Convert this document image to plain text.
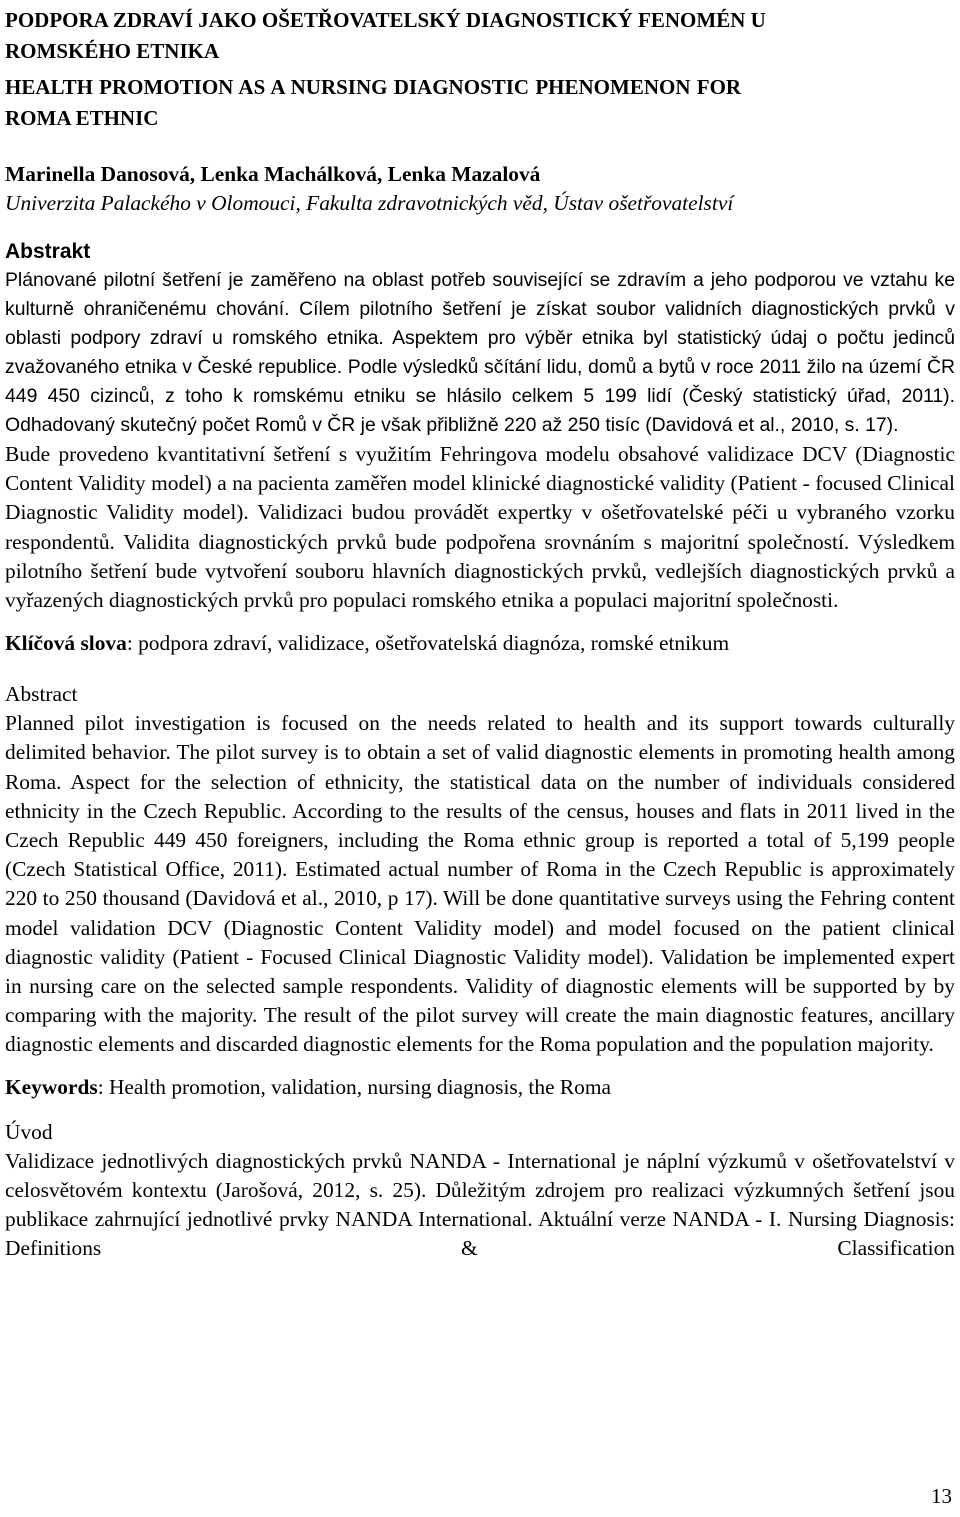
PODPORA ZDRAVÍ JAKO OŠETŘOVATELSKÝ DIAGNOSTICKÝ FENOMÉN U
ROMSKÉHO ETNIKA
HEALTH PROMOTION AS A NURSING DIAGNOSTIC PHENOMENON FOR
ROMA ETHNIC
Marinella Danosová, Lenka Machálková, Lenka Mazalová
Univerzita Palackého v Olomouci, Fakulta zdravotnických věd, Ústav ošetřovatelství
Abstrakt

Plánované pilotní šetření je zaměřeno na oblast potřeb související se zdravím a jeho podporou ve vztahu ke kulturně ohraničenému chování. Cílem pilotního šetření je získat soubor validních diagnostických prvků v oblasti podpory zdraví u romského etnika. Aspektem pro výběr etnika byl statistický údaj o počtu jedinců zvažovaného etnika v České republice. Podle výsledků sčítání lidu, domů a bytů v roce 2011 žilo na území ČR 449 450 cizinců, z toho k romskému etniku se hlásilo celkem 5 199 lidí (Český statistický úřad, 2011). Odhadovaný skutečný počet Romů v ČR je však přibližně 220 až 250 tisíc (Davidová et al., 2010, s. 17).

Bude provedeno kvantitativní šetření s využitím Fehringova modelu obsahové validizace DCV (Diagnostic Content Validity model) a na pacienta zaměřen model klinické diagnostické validity (Patient - focused Clinical Diagnostic Validity model). Validizaci budou provádět expertky v ošetřovatelské péči u vybraného vzorku respondentů. Validita diagnostických prvků bude podpořena srovnáním s majoritní společností. Výsledkem pilotního šetření bude vytvoření souboru hlavních diagnostických prvků, vedlejších diagnostických prvků a vyřazených diagnostických prvků pro populaci romského etnika a populaci majoritní společnosti.

Klíčová slova: podpora zdraví, validizace, ošetřovatelská diagnóza, romské etnikum

Abstract

Planned pilot investigation is focused on the needs related to health and its support towards culturally delimited behavior. The pilot survey is to obtain a set of valid diagnostic elements in promoting health among Roma. Aspect for the selection of ethnicity, the statistical data on the number of individuals considered ethnicity in the Czech Republic. According to the results of the census, houses and flats in 2011 lived in the Czech Republic 449 450 foreigners, including the Roma ethnic group is reported a total of 5,199 people (Czech Statistical Office, 2011). Estimated actual number of Roma in the Czech Republic is approximately 220 to 250 thousand (Davidová et al., 2010, p 17). Will be done quantitative surveys using the Fehring content model validation DCV (Diagnostic Content Validity model) and model focused on the patient clinical diagnostic validity (Patient - Focused Clinical Diagnostic Validity model). Validation be implemented expert in nursing care on the selected sample respondents. Validity of diagnostic elements will be supported by by comparing with the majority. The result of the pilot survey will create the main diagnostic features, ancillary diagnostic elements and discarded diagnostic elements for the Roma population and the population majority.

Keywords: Health promotion, validation, nursing diagnosis, the Roma

Úvod

Validizace jednotlivých diagnostických prvků NANDA - International je náplní výzkumů v ošetřovatelství v celosvětovém kontextu (Jarošová, 2012, s. 25). Důležitým zdrojem pro realizaci výzkumných šetření jsou publikace zahrnující jednotlivé prvky NANDA International. Aktuální verze NANDA - I. Nursing Diagnosis: Definitions & Classification

13
